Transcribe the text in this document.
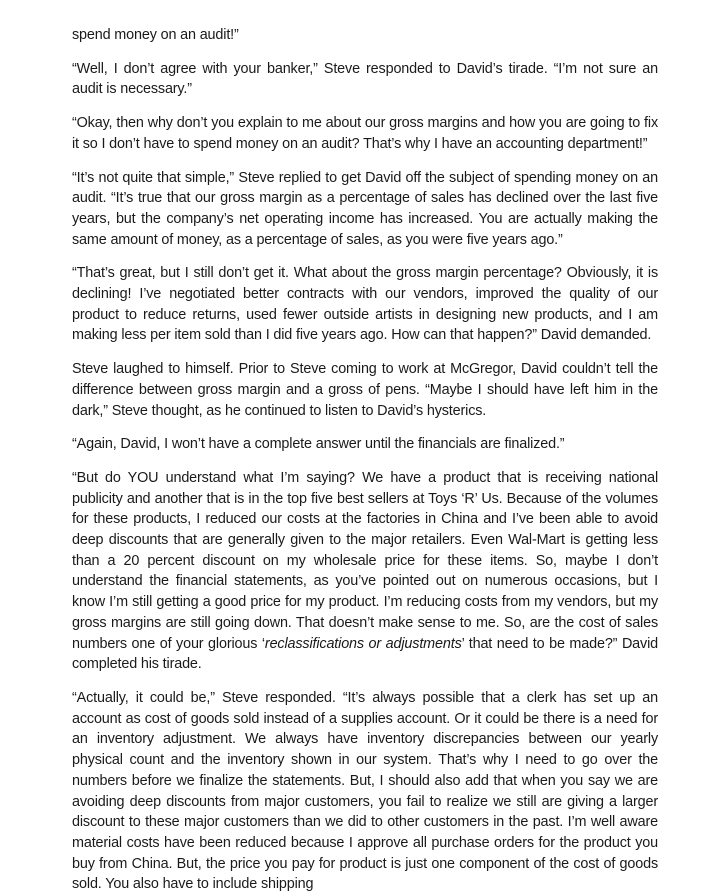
spend money on an audit!”

“Well, I don’t agree with your banker,” Steve responded to David’s tirade. “I’m not sure an audit is necessary.”

“Okay, then why don’t you explain to me about our gross margins and how you are going to fix it so I don’t have to spend money on an audit? That’s why I have an accounting department!”

“It’s not quite that simple,” Steve replied to get David off the subject of spending money on an audit. “It’s true that our gross margin as a percentage of sales has declined over the last five years, but the company’s net operating income has increased. You are actually making the same amount of money, as a percentage of sales, as you were five years ago.”

“That’s great, but I still don’t get it. What about the gross margin percentage? Obviously, it is declining! I’ve negotiated better contracts with our vendors, improved the quality of our product to reduce returns, used fewer outside artists in designing new products, and I am making less per item sold than I did five years ago. How can that happen?” David demanded.

Steve laughed to himself. Prior to Steve coming to work at McGregor, David couldn’t tell the difference between gross margin and a gross of pens. “Maybe I should have left him in the dark,” Steve thought, as he continued to listen to David’s hysterics.

“Again, David, I won’t have a complete answer until the financials are finalized.”

“But do YOU understand what I’m saying? We have a product that is receiving national publicity and another that is in the top five best sellers at Toys ‘R’ Us. Because of the volumes for these products, I reduced our costs at the factories in China and I’ve been able to avoid deep discounts that are generally given to the major retailers. Even Wal-Mart is getting less than a 20 percent discount on my wholesale price for these items. So, maybe I don’t understand the financial statements, as you’ve pointed out on numerous occasions, but I know I’m still getting a good price for my product. I’m reducing costs from my vendors, but my gross margins are still going down. That doesn’t make sense to me. So, are the cost of sales numbers one of your glorious ‘reclassifications or adjustments’ that need to be made?” David completed his tirade.

“Actually, it could be,” Steve responded. “It’s always possible that a clerk has set up an account as cost of goods sold instead of a supplies account. Or it could be there is a need for an inventory adjustment. We always have inventory discrepancies between our yearly physical count and the inventory shown in our system. That’s why I need to go over the numbers before we finalize the statements. But, I should also add that when you say we are avoiding deep discounts from major customers, you fail to realize we still are giving a larger discount to these major customers than we did to other customers in the past. I’m well aware material costs have been reduced because I approve all purchase orders for the product you buy from China. But, the price you pay for product is just one component of the cost of goods sold. You also have to include shipping
